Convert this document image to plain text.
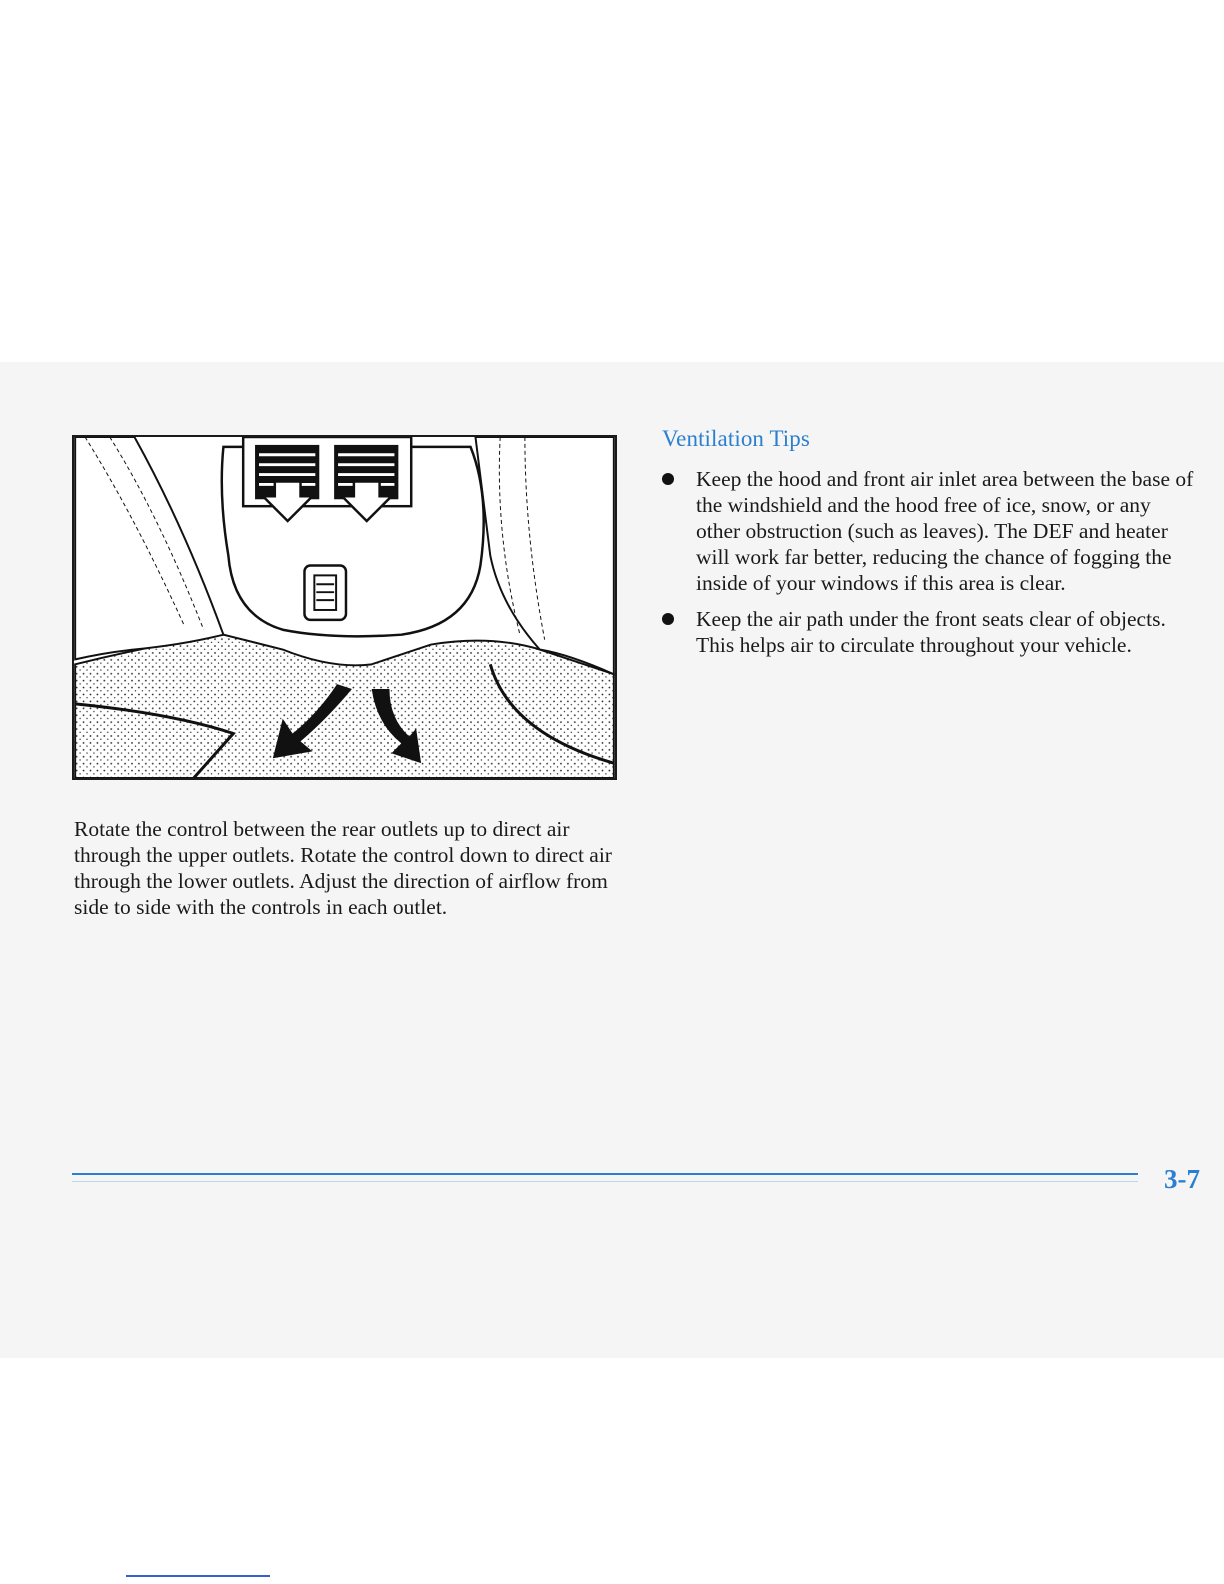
Rotate the control between the rear outlets up to direct air through the upper outlets. Rotate the control down to direct air through the lower outlets. Adjust the direction of airflow from side to side with the controls in each outlet.

Ventilation Tips
Keep the hood and front air inlet area between the base of the windshield and the hood free of ice, snow, or any other obstruction (such as leaves). The DEF and heater will work far better, reducing the chance of fogging the inside of your windows if this area is clear.
Keep the air path under the front seats clear of objects. This helps air to circulate throughout your vehicle.
3-7
